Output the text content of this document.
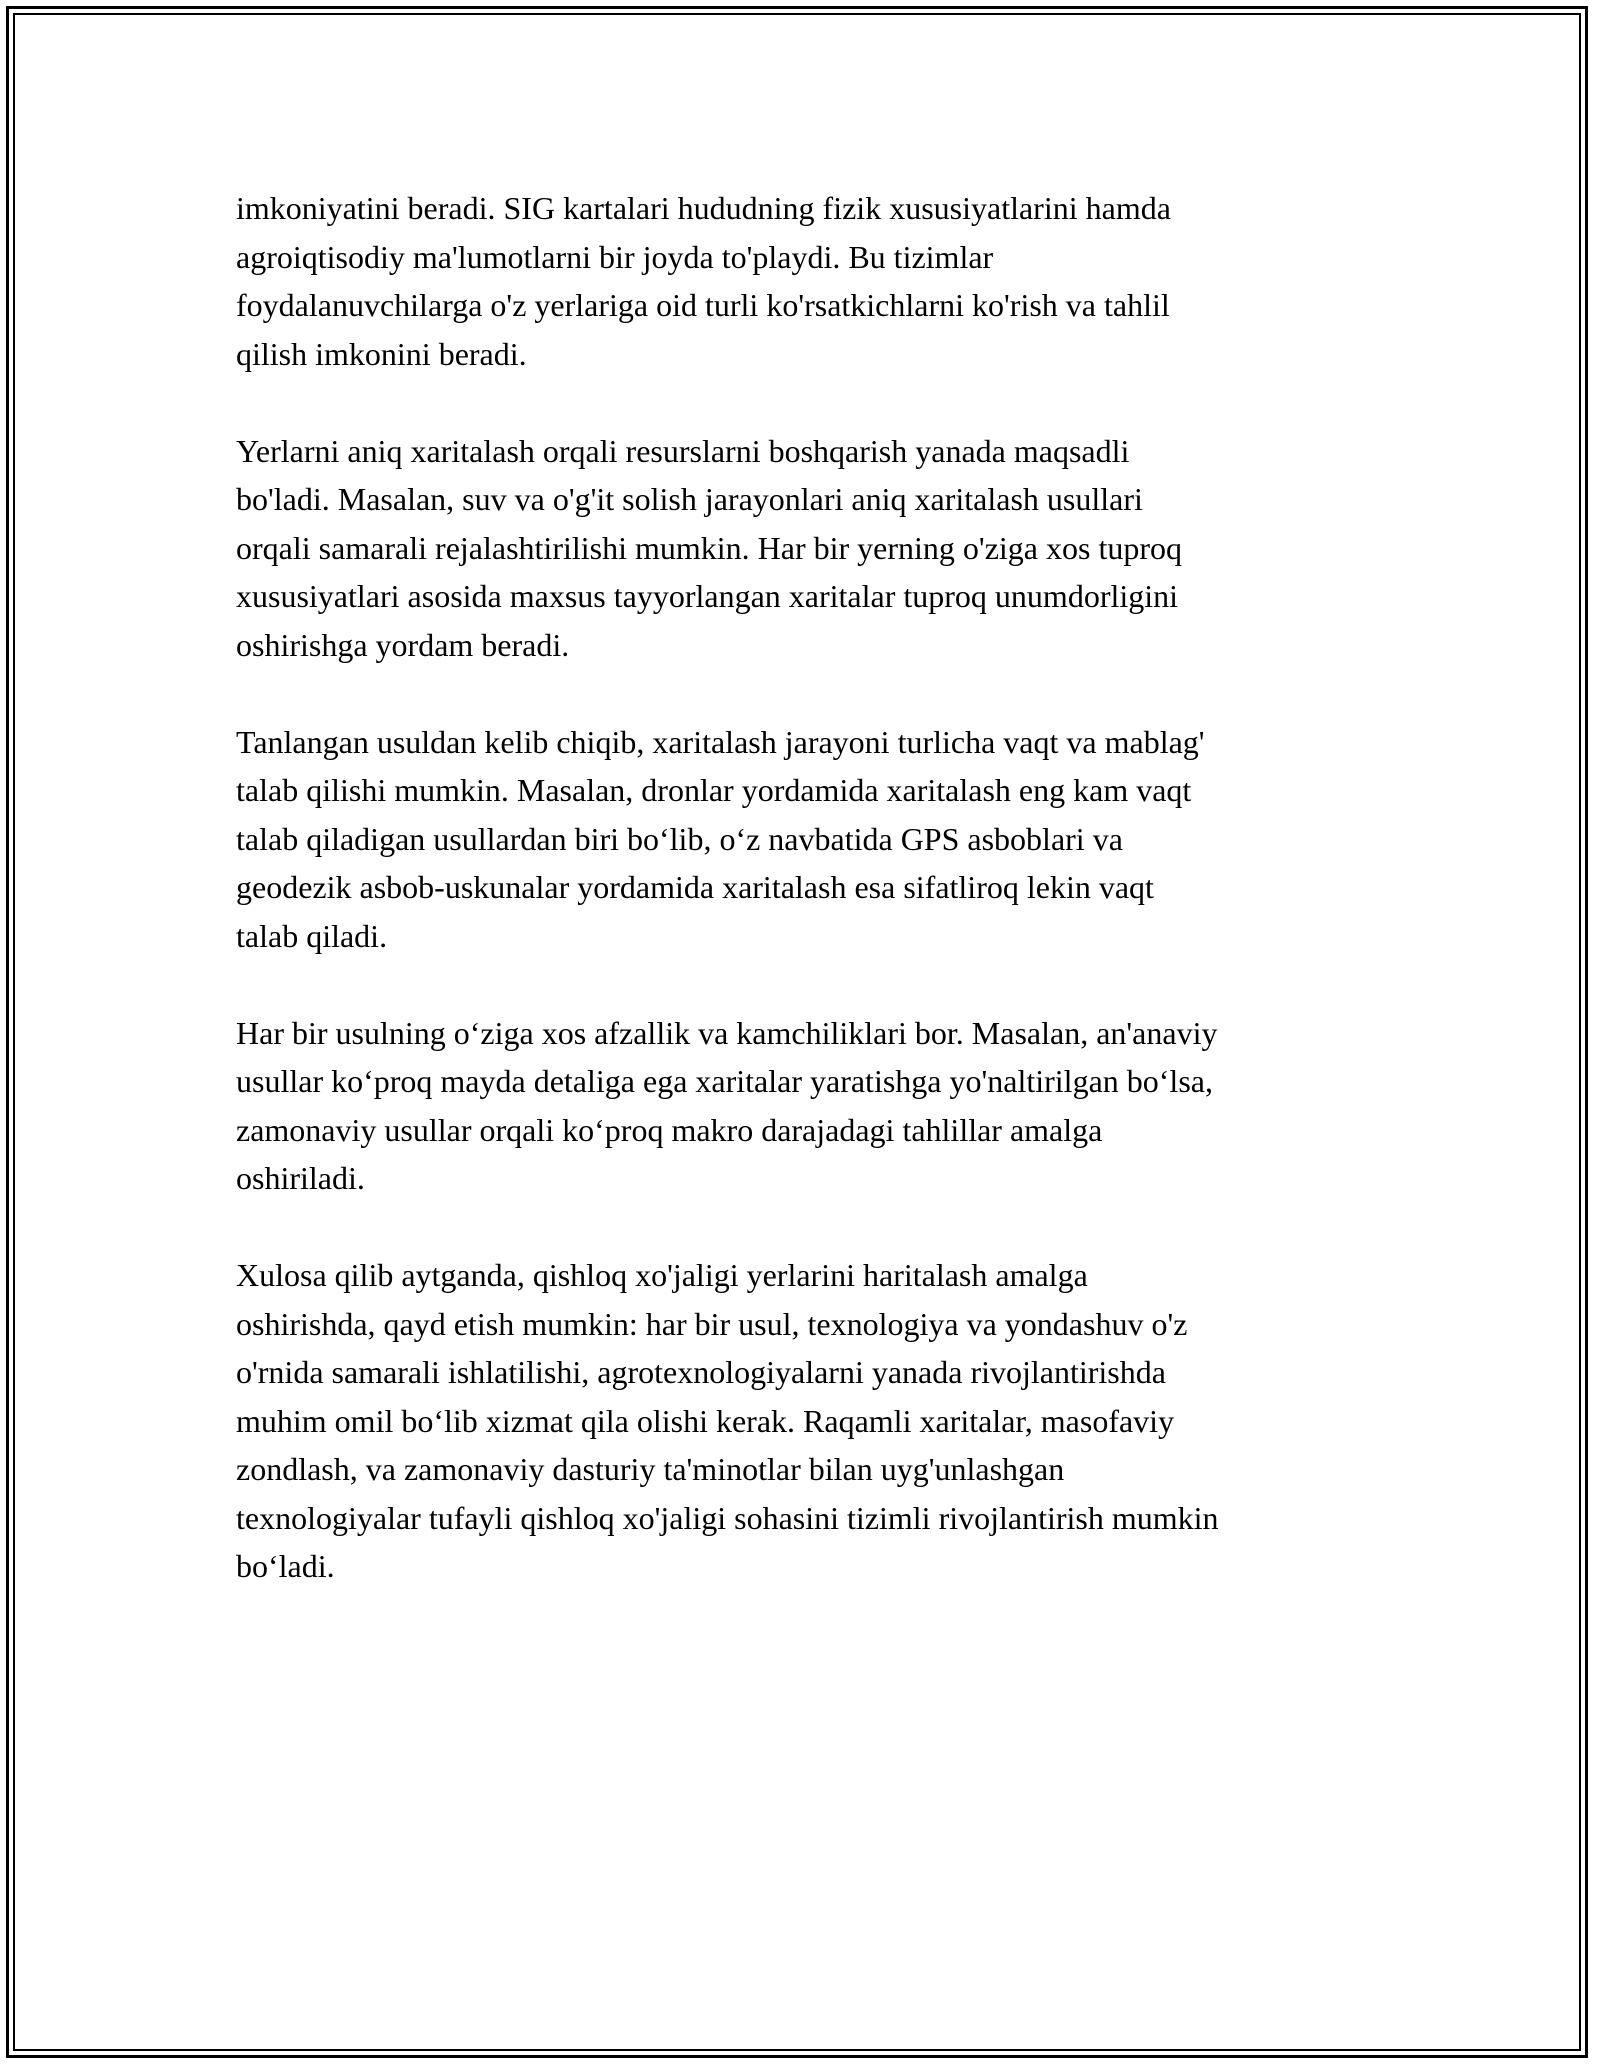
imkoniyatini beradi. SIG kartalari hududning fizik xususiyatlarini hamda
agroiqtisodiy ma'lumotlarni bir joyda to'playdi. Bu tizimlar
foydalanuvchilarga o'z yerlariga oid turli ko'rsatkichlarni ko'rish va tahlil
qilish imkonini beradi.

Yerlarni aniq xaritalash orqali resurslarni boshqarish yanada maqsadli
bo'ladi. Masalan, suv va o'g'it solish jarayonlari aniq xaritalash usullari
orqali samarali rejalashtirilishi mumkin. Har bir yerning o'ziga xos tuproq
xususiyatlari asosida maxsus tayyorlangan xaritalar tuproq unumdorligini
oshirishga yordam beradi.

Tanlangan usuldan kelib chiqib, xaritalash jarayoni turlicha vaqt va mablag'
talab qilishi mumkin. Masalan, dronlar yordamida xaritalash eng kam vaqt
talab qiladigan usullardan biri bo‘lib, o‘z navbatida GPS asboblari va
geodezik asbob-uskunalar yordamida xaritalash esa sifatliroq lekin vaqt
talab qiladi.

Har bir usulning o‘ziga xos afzallik va kamchiliklari bor. Masalan, an'anaviy
usullar ko‘proq mayda detaliga ega xaritalar yaratishga yo'naltirilgan bo‘lsa,
zamonaviy usullar orqali ko‘proq makro darajadagi tahlillar amalga
oshiriladi.

Xulosa qilib aytganda, qishloq xo'jaligi yerlarini haritalash amalga
oshirishda, qayd etish mumkin: har bir usul, texnologiya va yondashuv o'z
o'rnida samarali ishlatilishi, agrotexnologiyalarni yanada rivojlantirishda
muhim omil bo‘lib xizmat qila olishi kerak. Raqamli xaritalar, masofaviy
zondlash, va zamonaviy dasturiy ta'minotlar bilan uyg'unlashgan
texnologiyalar tufayli qishloq xo'jaligi sohasini tizimli rivojlantirish mumkin
bo‘ladi.
